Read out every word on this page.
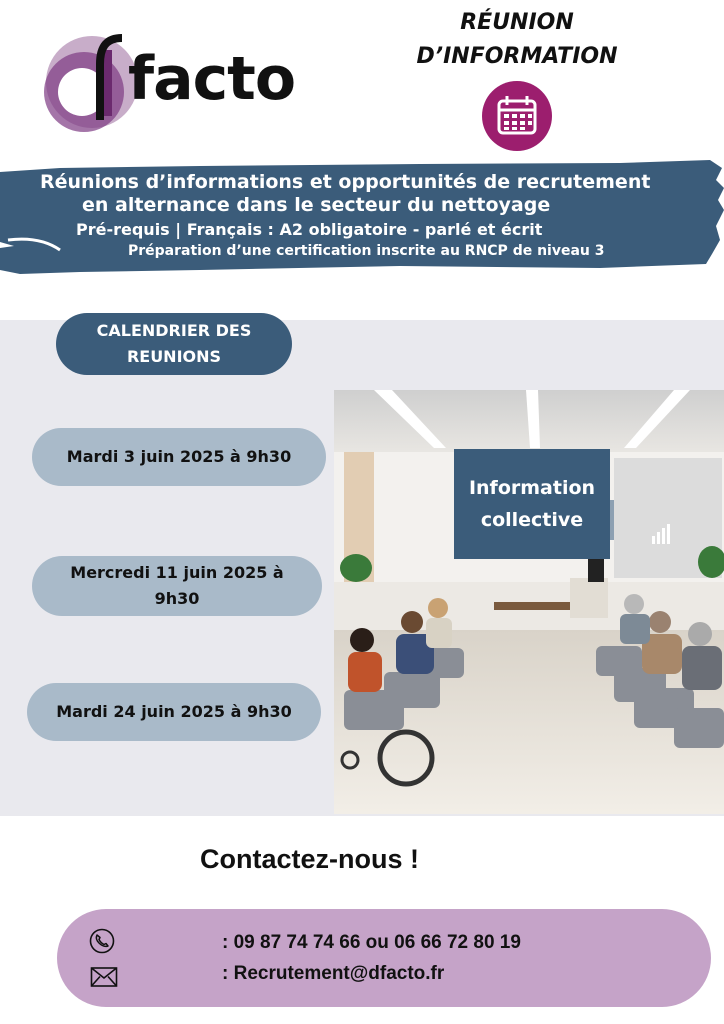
facto
RÉUNION
D’INFORMATION
Réunions d’informations et opportunités de recrutement
en alternance dans le secteur du nettoyage
Pré-requis | Français : A2 obligatoire - parlé et écrit
Préparation d’une certification inscrite au RNCP de niveau 3
CALENDRIER DES REUNIONS
Mardi 3 juin 2025 à 9h30
Mercredi 11 juin 2025 à 9h30
Mardi 24 juin 2025 à 9h30
Information collective
Contactez-nous !
: 09 87 74 74 66 ou 06 66 72 80 19
: Recrutement@dfacto.fr
